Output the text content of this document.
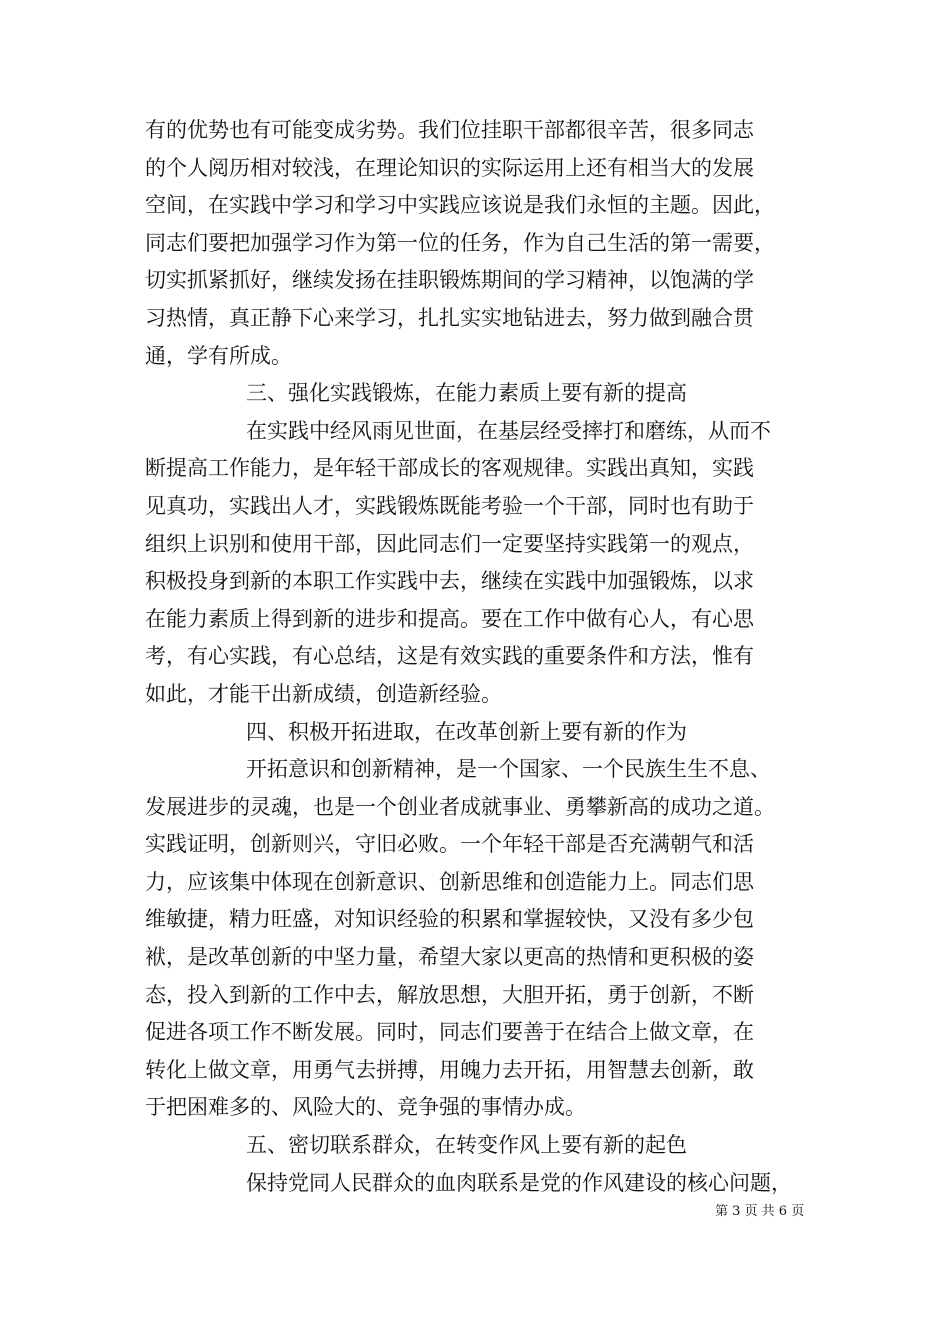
有的优势也有可能变成劣势。我们位挂职干部都很辛苦，很多同志
的个人阅历相对较浅，在理论知识的实际运用上还有相当大的发展
空间，在实践中学习和学习中实践应该说是我们永恒的主题。因此，
同志们要把加强学习作为第一位的任务，作为自己生活的第一需要，
切实抓紧抓好，继续发扬在挂职锻炼期间的学习精神，以饱满的学
习热情，真正静下心来学习，扎扎实实地钻进去，努力做到融合贯
通，学有所成。
三、强化实践锻炼，在能力素质上要有新的提高
在实践中经风雨见世面，在基层经受摔打和磨练，从而不
断提高工作能力，是年轻干部成长的客观规律。实践出真知，实践
见真功，实践出人才，实践锻炼既能考验一个干部，同时也有助于
组织上识别和使用干部，因此同志们一定要坚持实践第一的观点，
积极投身到新的本职工作实践中去，继续在实践中加强锻炼，以求
在能力素质上得到新的进步和提高。要在工作中做有心人，有心思
考，有心实践，有心总结，这是有效实践的重要条件和方法，惟有
如此，才能干出新成绩，创造新经验。
四、积极开拓进取，在改革创新上要有新的作为
开拓意识和创新精神，是一个国家、一个民族生生不息、
发展进步的灵魂，也是一个创业者成就事业、勇攀新高的成功之道。
实践证明，创新则兴，守旧必败。一个年轻干部是否充满朝气和活
力，应该集中体现在创新意识、创新思维和创造能力上。同志们思
维敏捷，精力旺盛，对知识经验的积累和掌握较快，又没有多少包
袱，是改革创新的中坚力量，希望大家以更高的热情和更积极的姿
态，投入到新的工作中去，解放思想，大胆开拓，勇于创新，不断
促进各项工作不断发展。同时，同志们要善于在结合上做文章，在
转化上做文章，用勇气去拼搏，用魄力去开拓，用智慧去创新，敢
于把困难多的、风险大的、竞争强的事情办成。
五、密切联系群众，在转变作风上要有新的起色
保持党同人民群众的血肉联系是党的作风建设的核心问题，
第 3 页 共 6 页
